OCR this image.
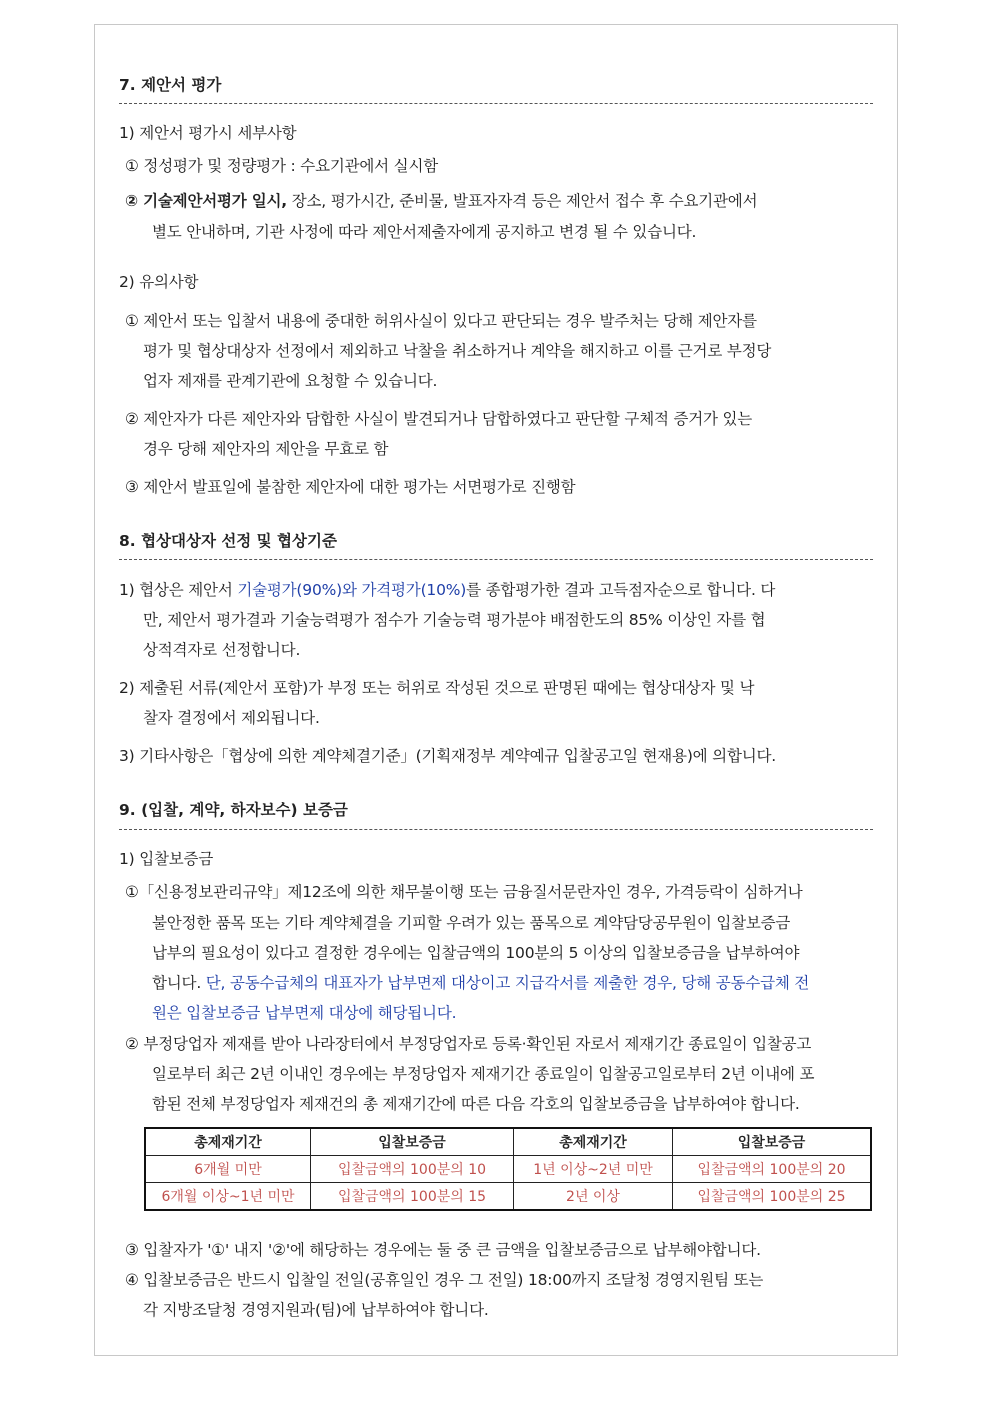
7. 제안서 평가
1) 제안서 평가시 세부사항
① 정성평가 및 정량평가 : 수요기관에서 실시함
② 기술제안서평가 일시, 장소, 평가시간, 준비물, 발표자자격 등은 제안서 접수 후 수요기관에서
별도 안내하며, 기관 사정에 따라 제안서제출자에게 공지하고 변경 될 수 있습니다.
2) 유의사항
① 제안서 또는 입찰서 내용에 중대한 허위사실이 있다고 판단되는 경우 발주처는 당해 제안자를
평가 및 협상대상자 선정에서 제외하고 낙찰을 취소하거나 계약을 해지하고 이를 근거로 부정당
업자 제재를 관계기관에 요청할 수 있습니다.
② 제안자가 다른 제안자와 담합한 사실이 발견되거나 담합하였다고 판단할 구체적 증거가 있는
경우 당해 제안자의 제안을 무효로 함
③ 제안서 발표일에 불참한 제안자에 대한 평가는 서면평가로 진행함
8. 협상대상자 선정 및 협상기준
1) 협상은 제안서 기술평가(90%)와 가격평가(10%)를 종합평가한 결과 고득점자순으로 합니다. 다
만, 제안서 평가결과 기술능력평가 점수가 기술능력 평가분야 배점한도의 85% 이상인 자를 협
상적격자로 선정합니다.
2) 제출된 서류(제안서 포함)가 부정 또는 허위로 작성된 것으로 판명된 때에는 협상대상자 및 낙
찰자 결정에서 제외됩니다.
3) 기타사항은「협상에 의한 계약체결기준」(기획재정부 계약예규 입찰공고일 현재용)에 의합니다.
9. (입찰, 계약, 하자보수) 보증금
1) 입찰보증금
①「신용정보관리규약」제12조에 의한 채무불이행 또는 금융질서문란자인 경우, 가격등락이 심하거나
불안정한 품목 또는 기타 계약체결을 기피할 우려가 있는 품목으로 계약담당공무원이 입찰보증금
납부의 필요성이 있다고 결정한 경우에는 입찰금액의 100분의 5 이상의 입찰보증금을 납부하여야
합니다. 단, 공동수급체의 대표자가 납부면제 대상이고 지급각서를 제출한 경우, 당해 공동수급체 전
원은 입찰보증금 납부면제 대상에 해당됩니다.
② 부정당업자 제재를 받아 나라장터에서 부정당업자로 등록·확인된 자로서 제재기간 종료일이 입찰공고
일로부터 최근 2년 이내인 경우에는 부정당업자 제재기간 종료일이 입찰공고일로부터 2년 이내에 포
함된 전체 부정당업자 제재건의 총 제재기간에 따른 다음 각호의 입찰보증금을 납부하여야 합니다.
총제재기간	입찰보증금	총제재기간	입찰보증금
6개월 미만	입찰금액의 100분의 10	1년 이상~2년 미만	입찰금액의 100분의 20
6개월 이상~1년 미만	입찰금액의 100분의 15	2년 이상	입찰금액의 100분의 25
③ 입찰자가 '①' 내지 '②'에 해당하는 경우에는 둘 중 큰 금액을 입찰보증금으로 납부해야합니다.
④ 입찰보증금은 반드시 입찰일 전일(공휴일인 경우 그 전일) 18:00까지 조달청 경영지원팀 또는
각 지방조달청 경영지원과(팀)에 납부하여야 합니다.
